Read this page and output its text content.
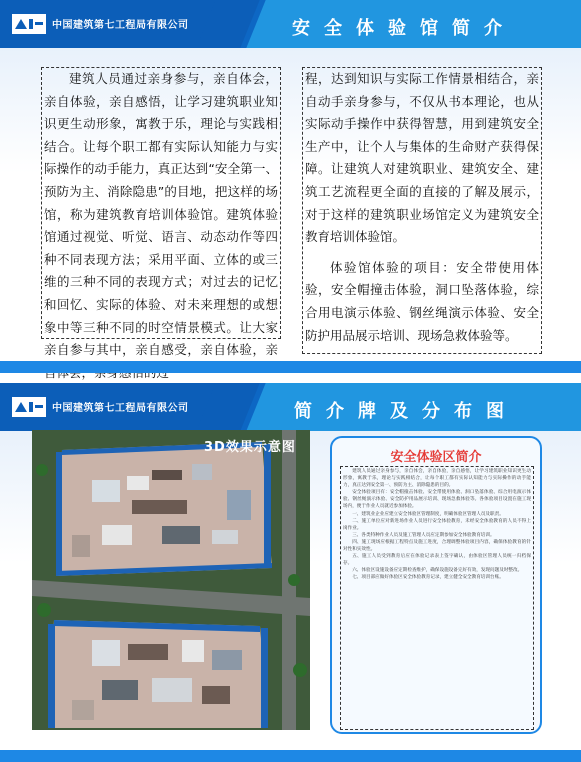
中国建筑第七工程局有限公司	安全体验馆简介

建筑人员通过亲身参与，亲自体会，亲自体验，亲自感悟，让学习建筑职业知识更生动形象，寓教于乐，理论与实践相结合。让每个职工都有实际认知能力与实际操作的动手能力，真正达到“安全第一、预防为主、消除隐患”的目地，把这样的场馆，称为建筑教育培训体验馆。建筑体验馆通过视觉、听觉、语言、动态动作等四种不同表现方法；采用平面、立体的或三维的三种不同的表现方式；对过去的记忆和回忆、实际的体验、对未来理想的或想象中等三种不同的时空情景模式。让大家亲自参与其中，亲自感受，亲自体验，亲

程，达到知识与实际工作情景相结合，亲自动手亲身参与，不仅从书本理论，也从实际动手操作中获得智慧，用到建筑安全生产中，让个人与集体的生命财产获得保障。让建筑人对建筑职业、建筑安全、建筑工艺流程更全面的直接的了解及展示，对于这样的建筑职业场馆定义为建筑安全教育培训体验馆。

体验馆体验的项目：安全带使用体验，安全帽撞击体验，洞口坠落体验，综合用电演示体验、钢丝绳演示体验、安全防护用品展示培训、现场急救体验等。

中国建筑第七工程局有限公司	简介牌及分布图
3D效果示意图
安全体验区简介

建筑人员通过亲身参与，亲自体会，亲自体验，亲自感悟，让学习建筑职业知识更生动形象，寓教于乐，理论与实践相结合，让每个职工都有实际认知能力与实际操作的动手能力，真正达到安全第一、预防为主、消除隐患的目的。

安全体验项目有：安全帽撞击体验、安全带使用体验、洞口坠落体验、综合用电演示体验、钢丝绳演示体验、安全防护用品展示培训、现场急救体验等。各体验项目设置在施工现场内，便于作业人员就近参加体验。

一、建筑业企业应建立安全体验区管理制度，明确体验区管理人员及职责。

二、施工单位应对新进场作业人员进行安全体验教育，未经安全体验教育的人员不得上岗作业。

三、各类特种作业人员及施工管理人员应定期参加安全体验教育培训。

四、施工现场应根据工程特点及施工进度，合理调整体验项目内容，确保体验教育的针对性和实效性。

五、施工人员受到教育后应在体验记录表上签字确认，由体验区管理人员统一归档保存。

六、体验区设施设备应定期检查维护，确保设施设备完好有效，发现问题及时整改。

七、项目部应做好体验区安全体验教育记录，建立健全安全教育培训台账。
